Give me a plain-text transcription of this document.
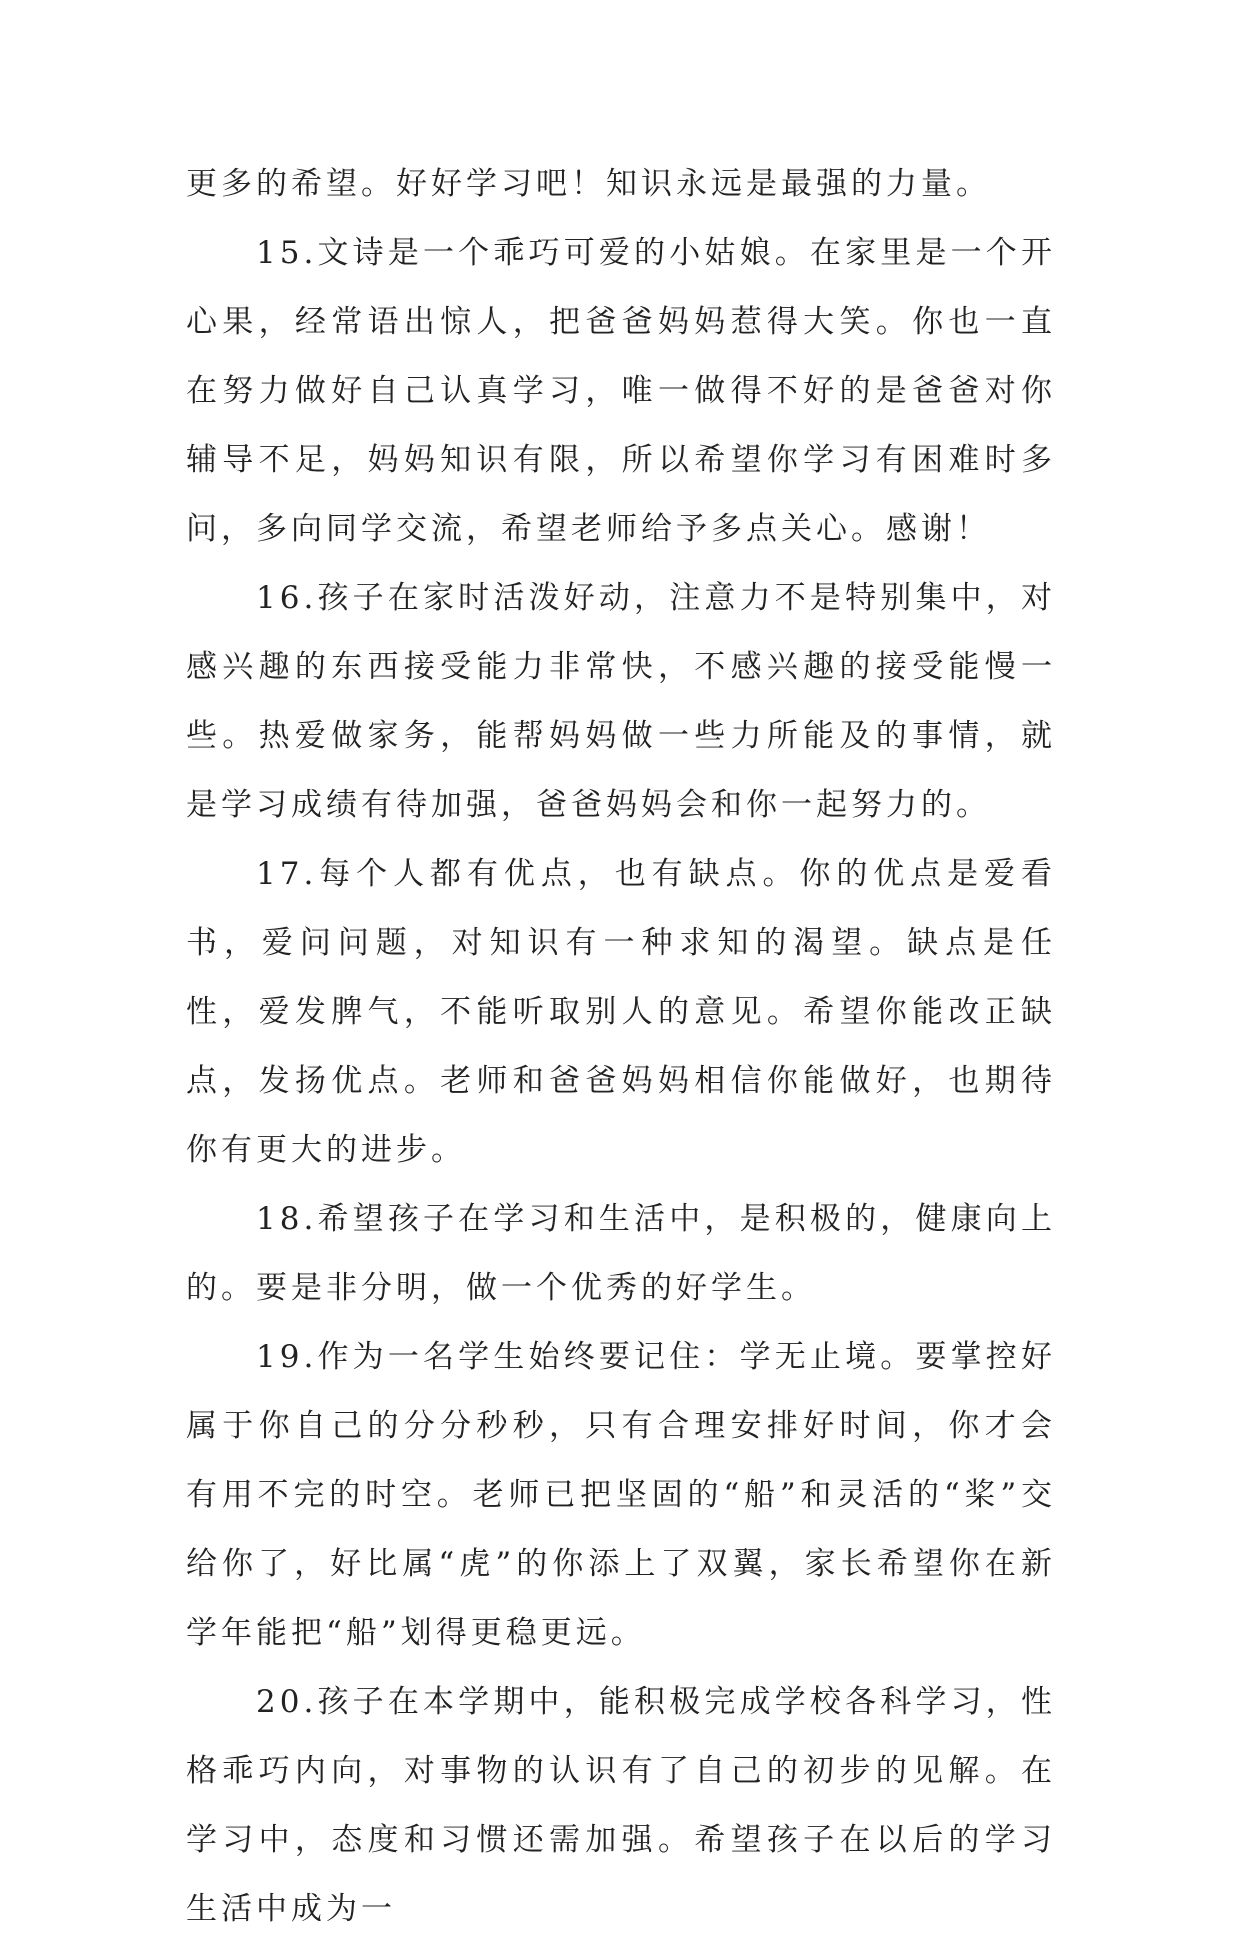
更多的希望。好好学习吧！知识永远是最强的力量。

15.文诗是一个乖巧可爱的小姑娘。在家里是一个开心果，经常语出惊人，把爸爸妈妈惹得大笑。你也一直在努力做好自己认真学习，唯一做得不好的是爸爸对你辅导不足，妈妈知识有限，所以希望你学习有困难时多问，多向同学交流，希望老师给予多点关心。感谢！

16.孩子在家时活泼好动，注意力不是特别集中，对感兴趣的东西接受能力非常快，不感兴趣的接受能慢一些。热爱做家务，能帮妈妈做一些力所能及的事情，就是学习成绩有待加强，爸爸妈妈会和你一起努力的。

17.每个人都有优点，也有缺点。你的优点是爱看书，爱问问题，对知识有一种求知的渴望。缺点是任性，爱发脾气，不能听取别人的意见。希望你能改正缺点，发扬优点。老师和爸爸妈妈相信你能做好，也期待你有更大的进步。

18.希望孩子在学习和生活中，是积极的，健康向上的。要是非分明，做一个优秀的好学生。

19.作为一名学生始终要记住：学无止境。要掌控好属于你自己的分分秒秒，只有合理安排好时间，你才会有用不完的时空。老师已把坚固的“船”和灵活的“桨”交给你了，好比属“虎”的你添上了双翼，家长希望你在新学年能把“船”划得更稳更远。

20.孩子在本学期中，能积极完成学校各科学习，性格乖巧内向，对事物的认识有了自己的初步的见解。在学习中，态度和习惯还需加强。希望孩子在以后的学习生活中成为一
